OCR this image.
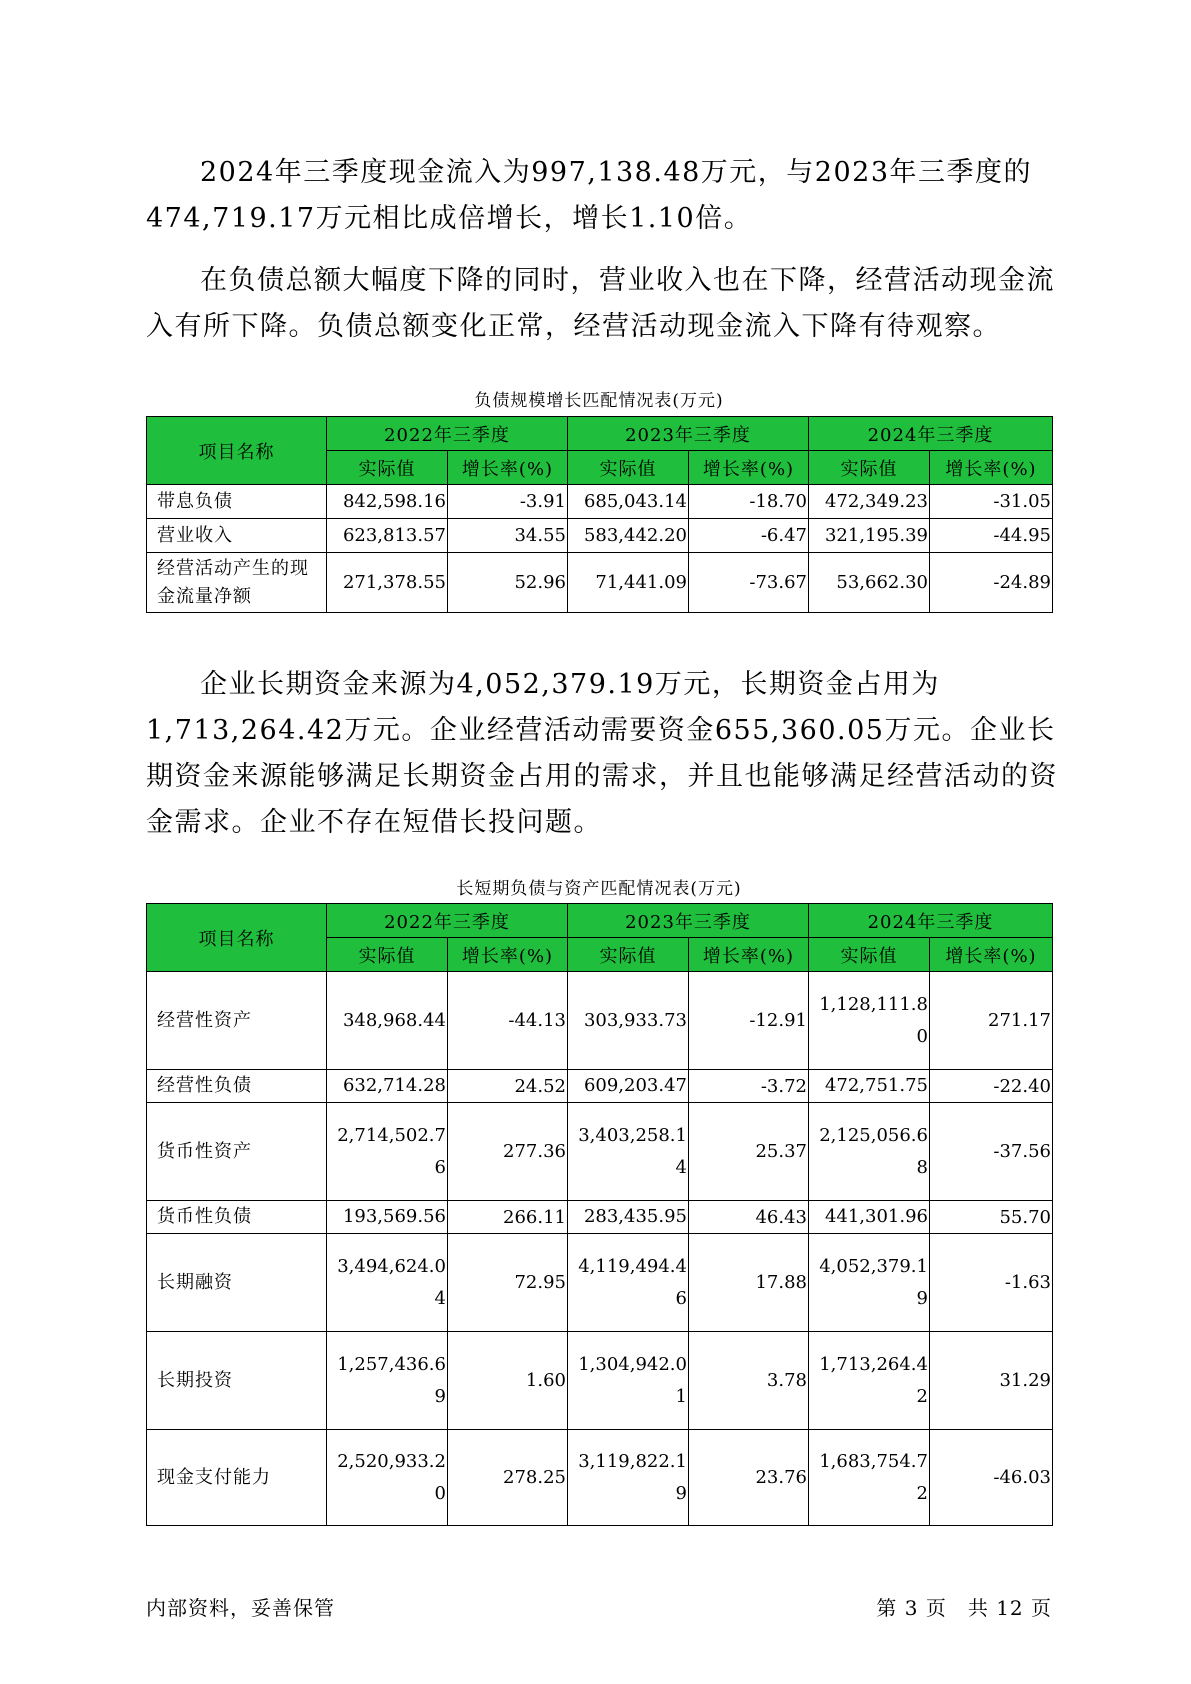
2024年三季度现金流入为997,138.48万元，与2023年三季度的474,719.17万元相比成倍增长，增长1.10倍。

在负债总额大幅度下降的同时，营业收入也在下降，经营活动现金流入有所下降。负债总额变化正常，经营活动现金流入下降有待观察。

负债规模增长匹配情况表(万元)
项目名称	2022年三季度		2023年三季度		2024年三季度	
	实际值	增长率(%)	实际值	增长率(%)	实际值	增长率(%)
带息负债	842,598.16	-3.91	685,043.14	-18.70	472,349.23	-31.05
营业收入	623,813.57	34.55	583,442.20	-6.47	321,195.39	-44.95
经营活动产生的现金流量净额	271,378.55	52.96	71,441.09	-73.67	53,662.30	-24.89

企业长期资金来源为4,052,379.19万元，长期资金占用为1,713,264.42万元。企业经营活动需要资金655,360.05万元。企业长期资金来源能够满足长期资金占用的需求，并且也能够满足经营活动的资金需求。企业不存在短借长投问题。

长短期负债与资产匹配情况表(万元)
项目名称	2022年三季度		2023年三季度		2024年三季度	
	实际值	增长率(%)	实际值	增长率(%)	实际值	增长率(%)
经营性资产	348,968.44	-44.13	303,933.73	-12.91	1,128,111.80	271.17
经营性负债	632,714.28	24.52	609,203.47	-3.72	472,751.75	-22.40
货币性资产	2,714,502.76	277.36	3,403,258.14	25.37	2,125,056.68	-37.56
货币性负债	193,569.56	266.11	283,435.95	46.43	441,301.96	55.70
长期融资	3,494,624.04	72.95	4,119,494.46	17.88	4,052,379.19	-1.63
长期投资	1,257,436.69	1.60	1,304,942.01	3.78	1,713,264.42	31.29
现金支付能力	2,520,933.20	278.25	3,119,822.19	23.76	1,683,754.72	-46.03
内部资料，妥善保管	第 3 页　共 12 页
